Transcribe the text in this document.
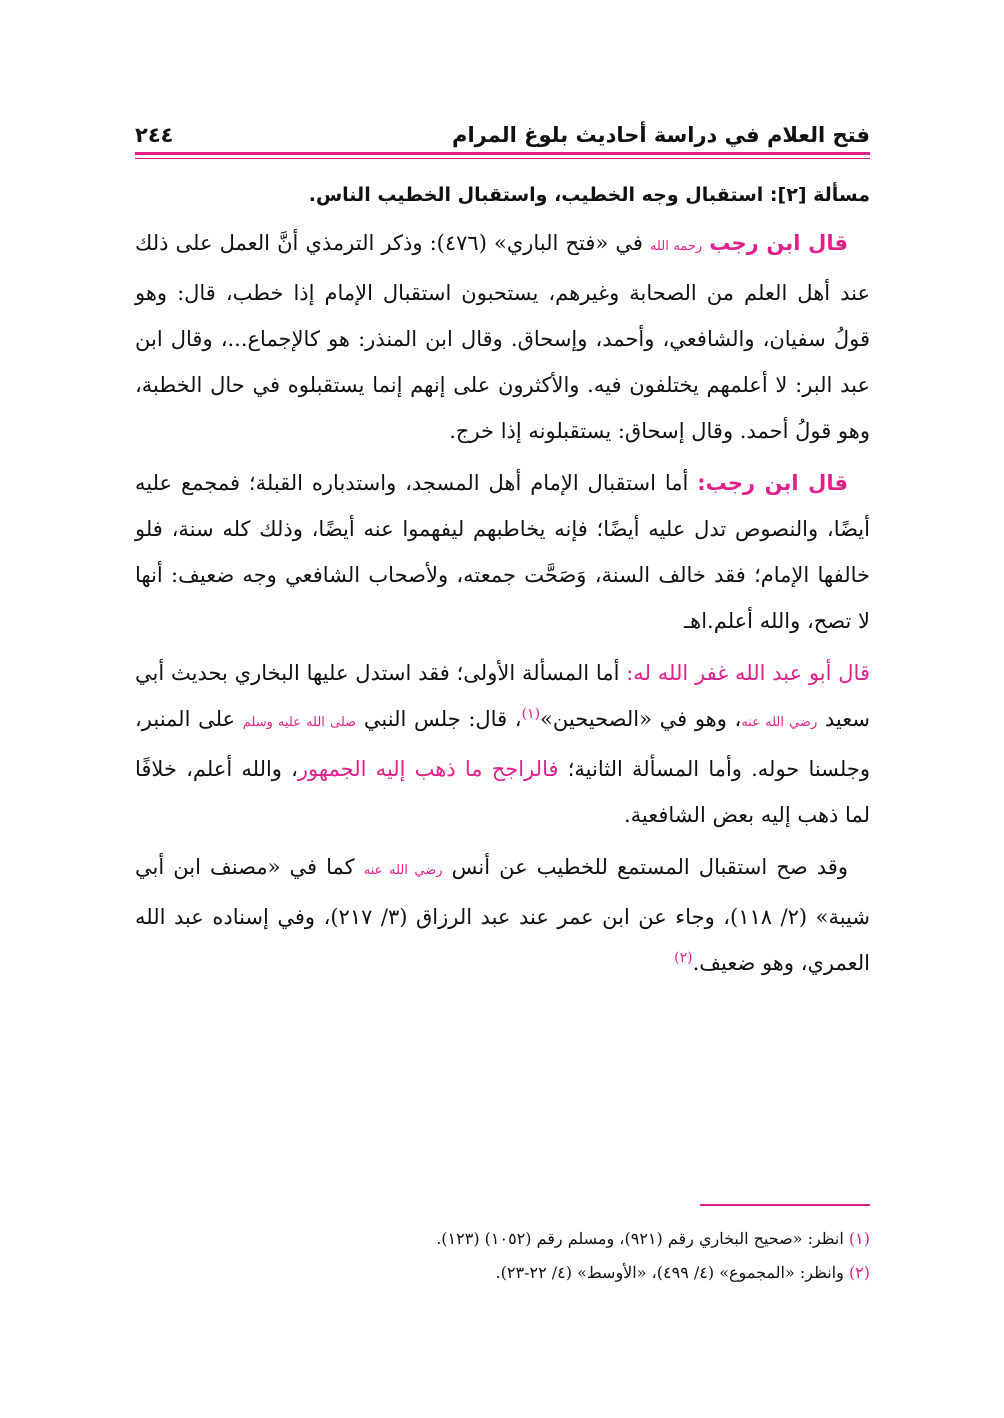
فتح العلام في دراسة أحاديث بلوغ المرام
٢٤٤

مسألة [٢]: استقبال وجه الخطيب، واستقبال الخطيب الناس.

قال ابن رجب رحمه الله في «فتح الباري» (٤٧٦): وذكر الترمذي أنَّ العمل على ذلك عند أهل العلم من الصحابة وغيرهم، يستحبون استقبال الإمام إذا خطب، قال: وهو قولُ سفيان، والشافعي، وأحمد، وإسحاق. وقال ابن المنذر: هو كالإجماع...، وقال ابن عبد البر: لا أعلمهم يختلفون فيه. والأكثرون على إنهم إنما يستقبلوه في حال الخطبة، وهو قولُ أحمد. وقال إسحاق: يستقبلونه إذا خرج.

قال ابن رجب: أما استقبال الإمام أهل المسجد، واستدباره القبلة؛ فمجمع عليه أيضًا، والنصوص تدل عليه أيضًا؛ فإنه يخاطبهم ليفهموا عنه أيضًا، وذلك كله سنة، فلو خالفها الإمام؛ فقد خالف السنة، وَصَحَّت جمعته، ولأصحاب الشافعي وجه ضعيف: أنها لا تصح، والله أعلم.اهـ

قال أبو عبد الله غفر الله له: أما المسألة الأولى؛ فقد استدل عليها البخاري بحديث أبي سعيد رضي الله عنه، وهو في «الصحيحين»$^{(١)}$، قال: جلس النبي صلى الله عليه وسلم على المنبر، وجلسنا حوله. وأما المسألة الثانية؛ فالراجح ما ذهب إليه الجمهور، والله أعلم، خلافًا لما ذهب إليه بعض الشافعية.

وقد صح استقبال المستمع للخطيب عن أنس رضي الله عنه كما في «مصنف ابن أبي شيبة» (٢/ ١١٨)، وجاء عن ابن عمر عند عبد الرزاق (٣/ ٢١٧)، وفي إسناده عبد الله العمري، وهو ضعيف.$^{(٢)}$

(١) انظر: «صحيح البخاري رقم (٩٢١)، ومسلم رقم (١٠٥٢) (١٢٣).

(٢) وانظر: «المجموع» (٤/ ٤٩٩)، «الأوسط» (٤/ ٢٢-٢٣).
